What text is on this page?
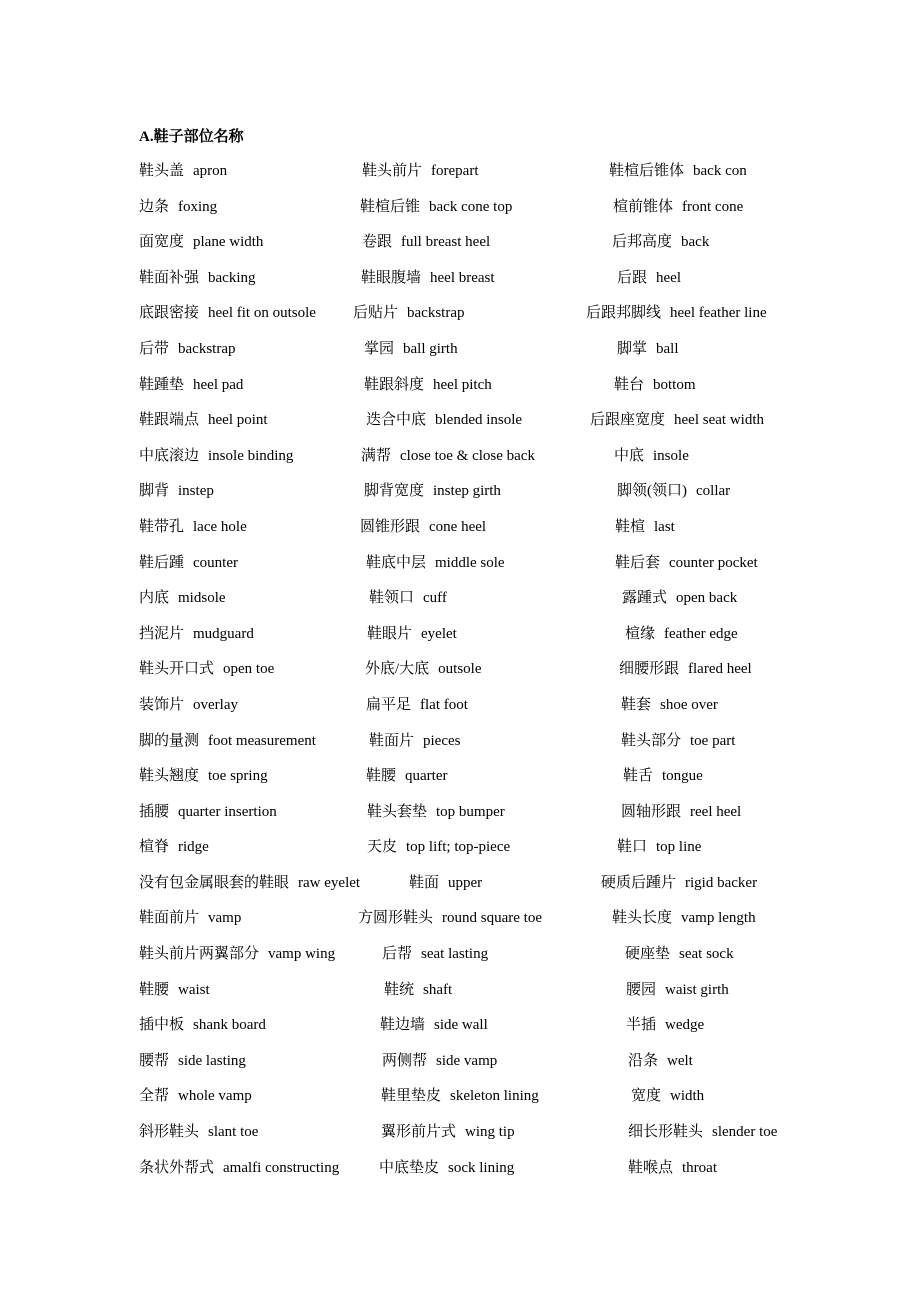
A.鞋子部位名称
鞋头盖 apron	鞋头前片 forepart	鞋楦后锥体 back con
边条 foxing	鞋楦后锥 back cone top	楦前锥体 front cone
面宽度 plane width	卷跟 full breast heel	后邦高度 back
鞋面补强 backing	鞋眼腹墙 heel breast	后跟 heel
底跟密接 heel fit on outsole 后贴片 backstrap	后跟邦脚线 heel feather line
后带 backstrap	掌园 ball girth	脚掌 ball
鞋踵垫 heel pad	鞋跟斜度 heel pitch	鞋台 bottom
鞋跟端点 heel point	迭合中底 blended insole	后跟座宽度 heel seat width
中底滚边 insole binding	满帮 close toe & close back	中底 insole
脚背 instep	脚背宽度 instep girth	脚领(领口) collar
鞋带孔 lace hole	圆锥形跟 cone heel	鞋楦 last
鞋后踵 counter	鞋底中层 middle sole	鞋后套 counter pocket
内底 midsole	鞋领口 cuff	露踵式 open back
挡泥片 mudguard	鞋眼片 eyelet	楦缘 feather edge
鞋头开口式 open toe	外底/大底 outsole	细腰形跟 flared heel
装饰片 overlay	扁平足 flat foot	鞋套 shoe over
脚的量测 foot measurement	鞋面片 pieces	鞋头部分 toe part
鞋头翘度 toe spring	鞋腰 quarter	鞋舌 tongue
插腰 quarter insertion	鞋头套垫 top bumper	圆轴形跟 reel heel
楦脊 ridge	天皮 top lift; top-piece	鞋口 top line
没有包金属眼套的鞋眼 raw eyelet	鞋面 upper	硬质后踵片 rigid backer
鞋面前片 vamp	方圆形鞋头 round square toe	鞋头长度 vamp length
鞋头前片两翼部分 vamp wing	后帮 seat lasting	硬座垫 seat sock
鞋腰 waist	鞋统 shaft	腰园 waist girth
插中板 shank board	鞋边墙 side wall	半插 wedge
腰帮 side lasting	两侧帮 side vamp	沿条 welt
全帮 whole vamp	鞋里垫皮 skeleton lining	宽度 width
斜形鞋头 slant toe	翼形前片式 wing tip	细长形鞋头 slender toe
条状外帮式 amalfi constructing	中底垫皮 sock lining	鞋喉点 throat
